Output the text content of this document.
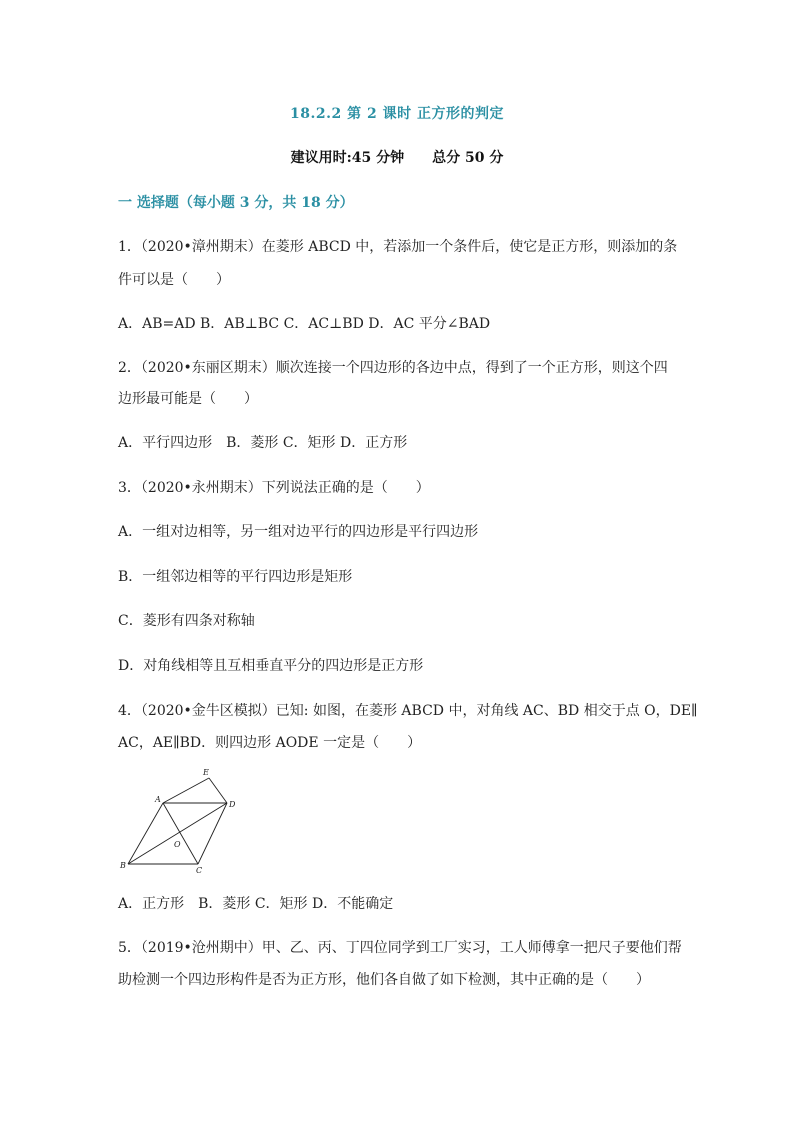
18.2.2 第 2 课时 正方形的判定
建议用时:45 分钟 总分 50 分
一 选择题（每小题 3 分，共 18 分）
1．（2020•漳州期末）在菱形 ABCD 中，若添加一个条件后，使它是正方形，则添加的条
件可以是（　　）
A．AB=AD B．AB⊥BC C．AC⊥BD D．AC 平分∠BAD
2．（2020•东丽区期末）顺次连接一个四边形的各边中点，得到了一个正方形，则这个四
边形最可能是（　　）
A．平行四边形　B．菱形 C．矩形 D．正方形
3．（2020•永州期末）下列说法正确的是（　　）
A．一组对边相等，另一组对边平行的四边形是平行四边形
B．一组邻边相等的平行四边形是矩形
C．菱形有四条对称轴
D．对角线相等且互相垂直平分的四边形是正方形
4．（2020•金牛区模拟）已知: 如图，在菱形 ABCD 中，对角线 AC、BD 相交于点 O，DE∥
AC，AE∥BD．则四边形 AODE 一定是（　　）
E
A
D
O
B
C
A．正方形　B．菱形 C．矩形 D．不能确定
5．（2019•沧州期中）甲、乙、丙、丁四位同学到工厂实习，工人师傅拿一把尺子要他们帮
助检测一个四边形构件是否为正方形，他们各自做了如下检测，其中正确的是（　　）
